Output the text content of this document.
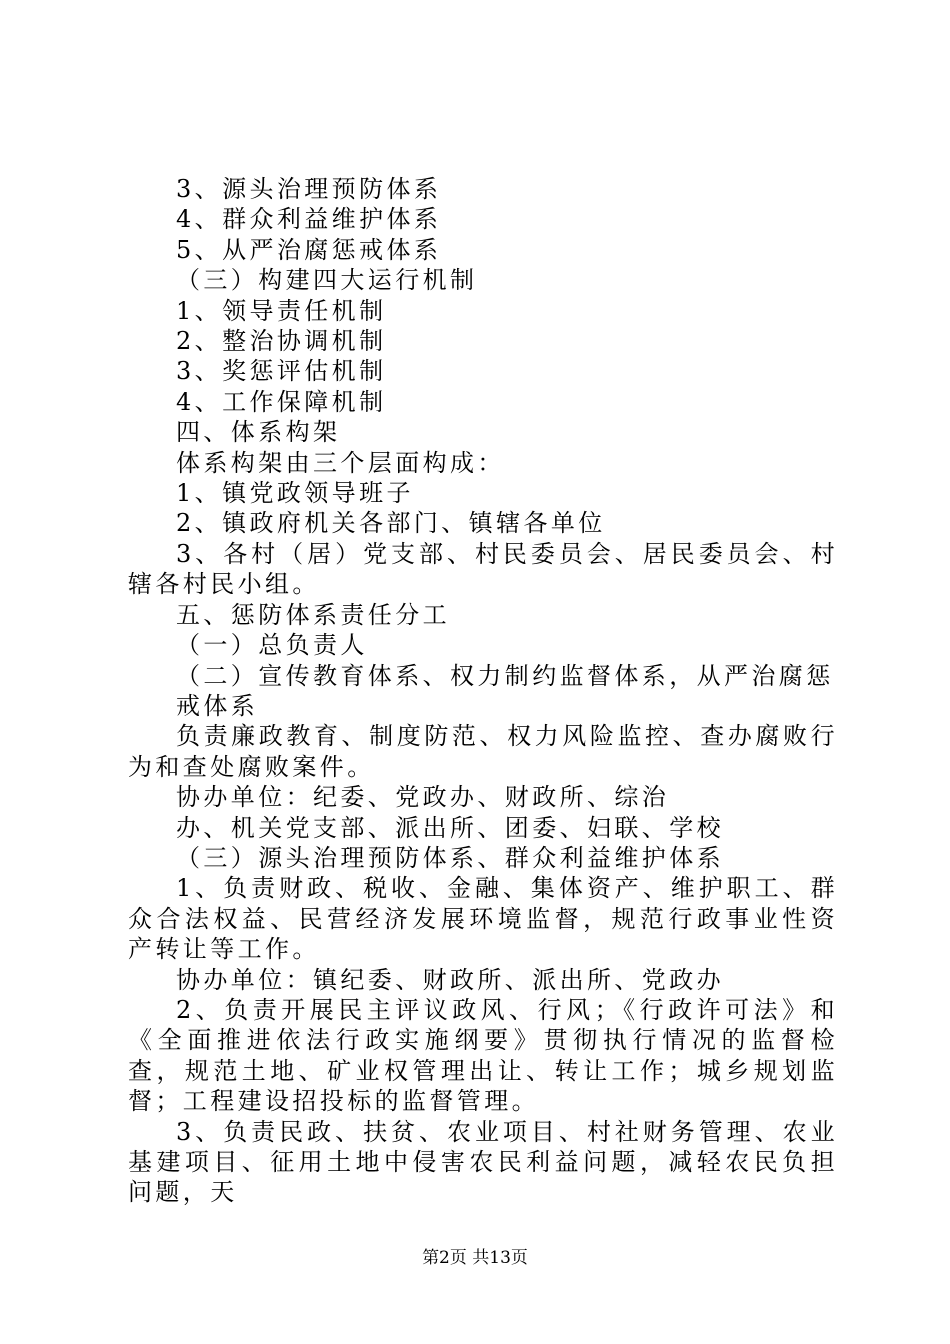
3、源头治理预防体系

4、群众利益维护体系

5、从严治腐惩戒体系

（三）构建四大运行机制

1、领导责任机制

2、整治协调机制

3、奖惩评估机制

4、工作保障机制

四、体系构架

体系构架由三个层面构成：

1、镇党政领导班子

2、镇政府机关各部门、镇辖各单位

3、各村（居）党支部、村民委员会、居民委员会、村辖各村民小组。

五、惩防体系责任分工

（一）总负责人

（二）宣传教育体系、权力制约监督体系，从严治腐惩

戒体系

负责廉政教育、制度防范、权力风险监控、查办腐败行为和查处腐败案件。

协办单位：纪委、党政办、财政所、综治

办、机关党支部、派出所、团委、妇联、学校

（三）源头治理预防体系、群众利益维护体系

1、负责财政、税收、金融、集体资产、维护职工、群众合法权益、民营经济发展环境监督，规范行政事业性资产转让等工作。

协办单位：镇纪委、财政所、派出所、党政办

2、负责开展民主评议政风、行风；《行政许可法》和《全面推进依法行政实施纲要》贯彻执行情况的监督检查，规范土地、矿业权管理出让、转让工作；城乡规划监督；工程建设招投标的监督管理。

3、负责民政、扶贫、农业项目、村社财务管理、农业基建项目、征用土地中侵害农民利益问题，减轻农民负担问题，天

第2页 共13页
